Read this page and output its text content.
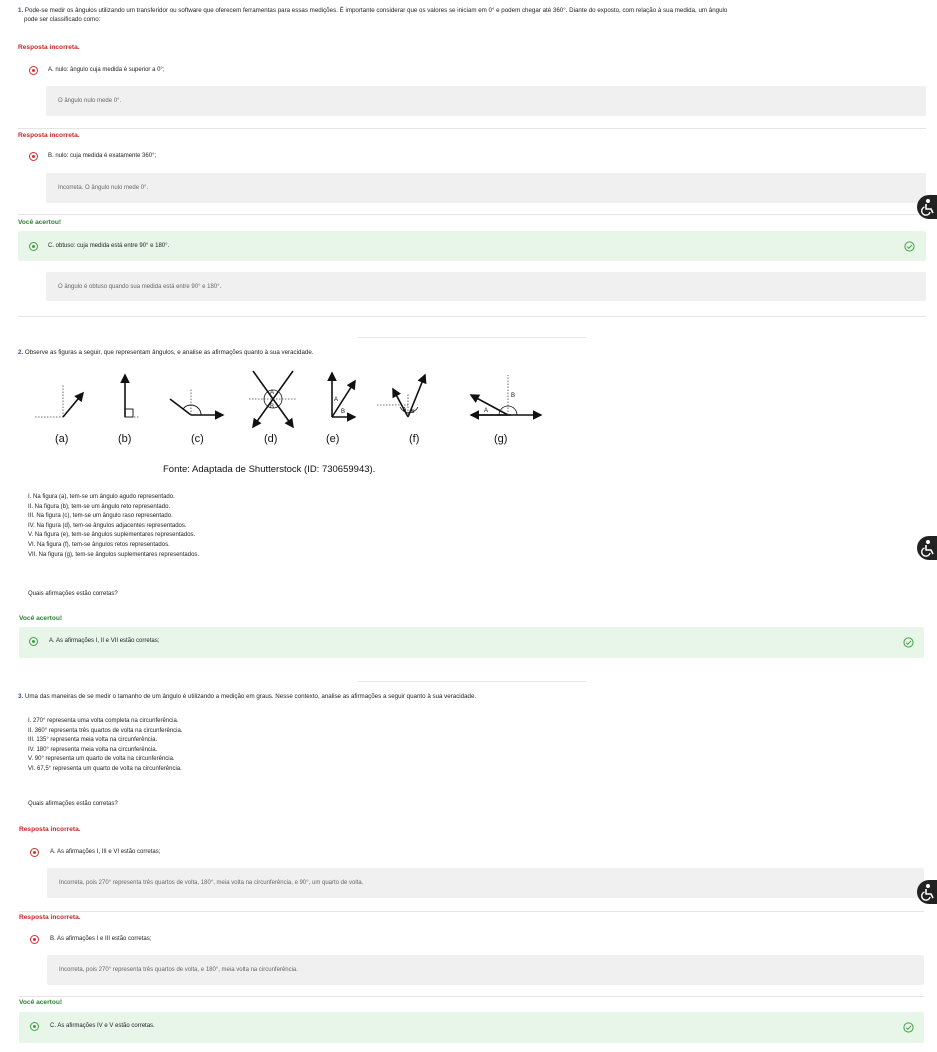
1. Pode-se medir os ângulos utilizando um transferidor ou software que oferecem ferramentas para essas medições. É importante considerar que os valores se iniciam em 0° e podem chegar até 360°. Diante do exposto, com relação à sua medida, um ângulo
pode ser classificado como:
Resposta incorreta.
A. nulo: ângulo cuja medida é superior a 0°;
O ângulo nulo mede 0°.
Resposta incorreta.
B. nulo: cuja medida é exatamente 360°;
Incorreta. O ângulo nulo mede 0°.
Você acertou!
C. obtuso: cuja medida está entre 90° e 180°.
O ângulo é obtuso quando sua medida está entre 90° e 180°.
2. Observe as figuras a seguir, que representam ângulos, e analise as afirmações quanto à sua veracidade.
A
B
A
B	A B
B
A
(a)	(b)	(c)	(d)	(e)	(f)	(g)
Fonte: Adaptada de Shutterstock (ID: 730659943).
I. Na figura (a), tem-se um ângulo agudo representado.
II. Na figura (b), tem-se um ângulo reto representado.
III. Na figura (c), tem-se um ângulo raso representado.
IV. Na figura (d), tem-se ângulos adjacentes representados.
V. Na figura (e), tem-se ângulos suplementares representados.
VI. Na figura (f), tem-se ângulos retos representados.
VII. Na figura (g), tem-se ângulos suplementares representados.
Quais afirmações estão corretas?
Você acertou!
A. As afirmações I, II e VII estão corretas;
3. Uma das maneiras de se medir o tamanho de um ângulo é utilizando a medição em graus. Nesse contexto, analise as afirmações a seguir quanto à sua veracidade.
I. 270° representa uma volta completa na circunferência.
II. 360° representa três quartos de volta na circunferência.
III. 135° representa meia volta na circunferência.
IV. 180° representa meia volta na circunferência.
V. 90° representa um quarto de volta na circunferência.
VI. 67,5° representa um quarto de volta na circunferência.
Quais afirmações estão corretas?
Resposta incorreta.
A. As afirmações I, III e VI estão corretas;
Incorreta, pois 270° representa três quartos de volta, 180°, meia volta na circunferência, e 90°, um quarto de volta.
Resposta incorreta.
B. As afirmações I e III estão corretas;
Incorreta, pois 270° representa três quartos de volta, e 180°, meia volta na circunferência.
Você acertou!
C. As afirmações IV e V estão corretas.
